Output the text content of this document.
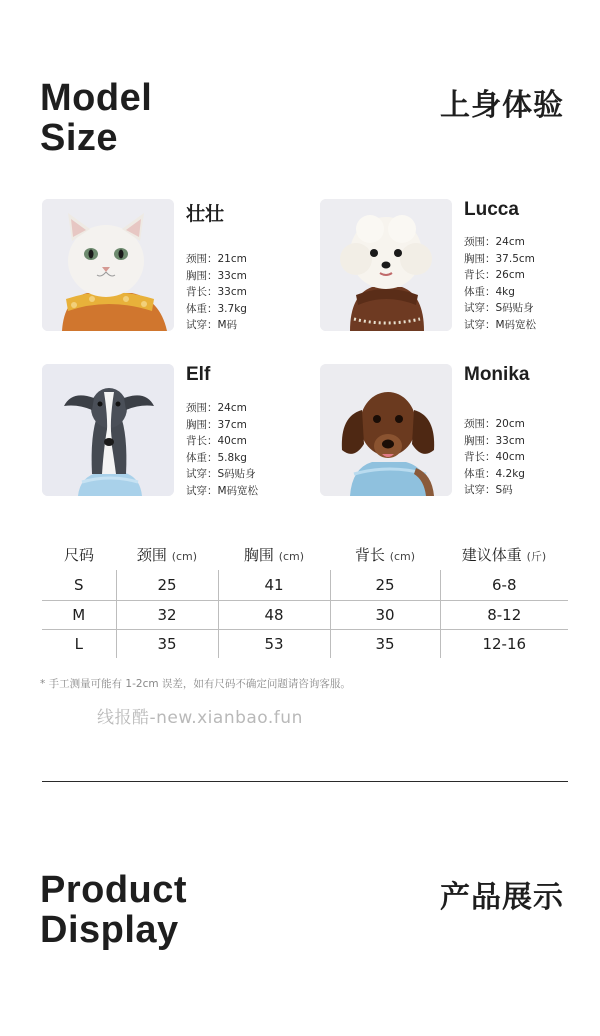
Model
Size
上身体验
壮壮
颈围：21cm
胸围：33cm
背长：33cm
体重：3.7kg
试穿：M码
Lucca
颈围：24cm
胸围：37.5cm
背长：26cm
体重：4kg
试穿：S码贴身
试穿：M码宽松
Elf
颈围：24cm
胸围：37cm
背长：40cm
体重：5.8kg
试穿：S码贴身
试穿：M码宽松
Monika
颈围：20cm
胸围：33cm
背长：40cm
体重：4.2kg
试穿：S码
尺码	颈围 (cm)	胸围 (cm)	背长 (cm)	建议体重 (斤)
S	25	41	25	6-8
M	32	48	30	8-12
L	35	53	35	12-16
* 手工测量可能有 1-2cm 误差，如有尺码不确定问题请咨询客服。
线报酷-new.xianbao.fun
Product
Display
产品展示
